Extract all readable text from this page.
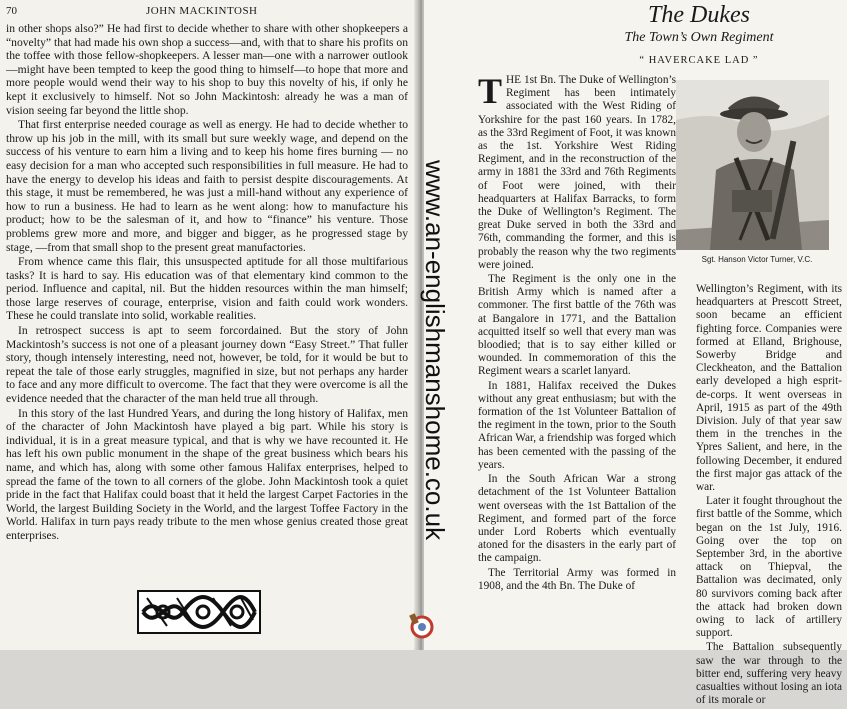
70	JOHN MACKINTOSH

in other shops also?” He had first to decide whether to share with other shopkeepers a “novelty” that had made his own shop a success—and, with that to share his profits on the toffee with those fellow-shopkeepers. A lesser man—one with a narrower outlook—might have been tempted to keep the good thing to himself—to hope that more and more people would wend their way to his shop to buy this novelty of his, if only he kept it exclusively to himself. Not so John Mackintosh: already he was a man of vision seeing far beyond the little shop.

That first enterprise needed courage as well as energy. He had to decide whether to throw up his job in the mill, with its small but sure weekly wage, and depend on the success of his venture to earn him a living and to keep his home fires burning — no easy decision for a man who accepted such responsibilities in full measure. He had to have the energy to develop his ideas and faith to persist despite discouragements. At this stage, it must be remembered, he was just a mill-hand without any experience of how to run a business. He had to learn as he went along: how to manufacture his product; how to be the salesman of it, and how to “finance” his venture. Those problems grew more and more, and bigger and bigger, as he progressed stage by stage, —from that small shop to the present great manufactories.

From whence came this flair, this unsuspected aptitude for all those multifarious tasks? It is hard to say. His education was of that elementary kind common to the period. Influence and capital, nil. But the hidden resources within the man himself; those large reserves of courage, enterprise, vision and faith could work wonders. These he could translate into solid, workable realities.

In retrospect success is apt to seem forcordained. But the story of John Mackintosh’s success is not one of a pleasant journey down “Easy Street.” That fuller story, though intensely interesting, need not, however, be told, for it would be but to repeat the tale of those early struggles, magnified in size, but not perhaps any harder to face and any more difficult to overcome. The fact that they were overcome is all the evidence needed that the character of the man held true all through.

In this story of the last Hundred Years, and during the long history of Halifax, men of the character of John Mackintosh have played a big part. While his story is individual, it is in a great measure typical, and that is why we have recounted it. He has left his own public monument in the shape of the great business which bears his name, and which has, along with some other famous Halifax enterprises, helped to spread the fame of the town to all corners of the globe. John Mackintosh took a quiet pride in the fact that Halifax could boast that it held the largest Carpet Factories in the World, the largest Building Society in the World, and the largest Toffee Factory in the World. Halifax in turn pays ready tribute to the men whose genius created those great enterprises.

The Dukes
The Town’s Own Regiment
“ HAVERCAKE LAD ”

THE 1st Bn. The Duke of Wellington’s Regiment has been intimately associated with the West Riding of Yorkshire for the past 160 years. In 1782, as the 33rd Regiment of Foot, it was known as the 1st. Yorkshire West Riding Regiment, and in the reconstruction of the army in 1881 the 33rd and 76th Regiments of Foot were joined, with their headquarters at Halifax Barracks, to form the Duke of Wellington’s Regiment. The great Duke served in both the 33rd and 76th, commanding the former, and this is probably the reason why the two regiments were joined.

The Regiment is the only one in the British Army which is named after a commoner. The first battle of the 76th was at Bangalore in 1771, and the Battalion acquitted itself so well that every man was bloodied; that is to say either killed or wounded. In commemoration of this the Regiment wears a scarlet lanyard.

In 1881, Halifax received the Dukes without any great enthusiasm; but with the formation of the 1st Volunteer Battalion of the regiment in the town, prior to the South African War, a friendship was forged which has been cemented with the passing of the years.

In the South African War a strong detachment of the 1st Volunteer Battalion went overseas with the 1st Battalion of the Regiment, and formed part of the force under Lord Roberts which eventually atoned for the disasters in the early part of the campaign.

The Territorial Army was formed in 1908, and the 4th Bn. The Duke of

Sgt. Hanson Victor Turner, V.C.

Wellington’s Regiment, with its headquarters at Prescott Street, soon became an efficient fighting force. Companies were formed at Elland, Brighouse, Sowerby Bridge and Cleckheaton, and the Battalion early developed a high esprit-de-corps. It went overseas in April, 1915 as part of the 49th Division. July of that year saw them in the trenches in the Ypres Salient, and here, in the following December, it endured the first major gas attack of the war.

Later it fought throughout the first battle of the Somme, which began on the 1st July, 1916. Going over the top on September 3rd, in the abortive attack on Thiepval, the Battalion was decimated, only 80 survivors coming back after the attack had broken down owing to lack of artillery support.

The Battalion subsequently saw the war through to the bitter end, suffering very heavy casualties without losing an iota of its morale or

www.an-englishmanshome.co.uk
